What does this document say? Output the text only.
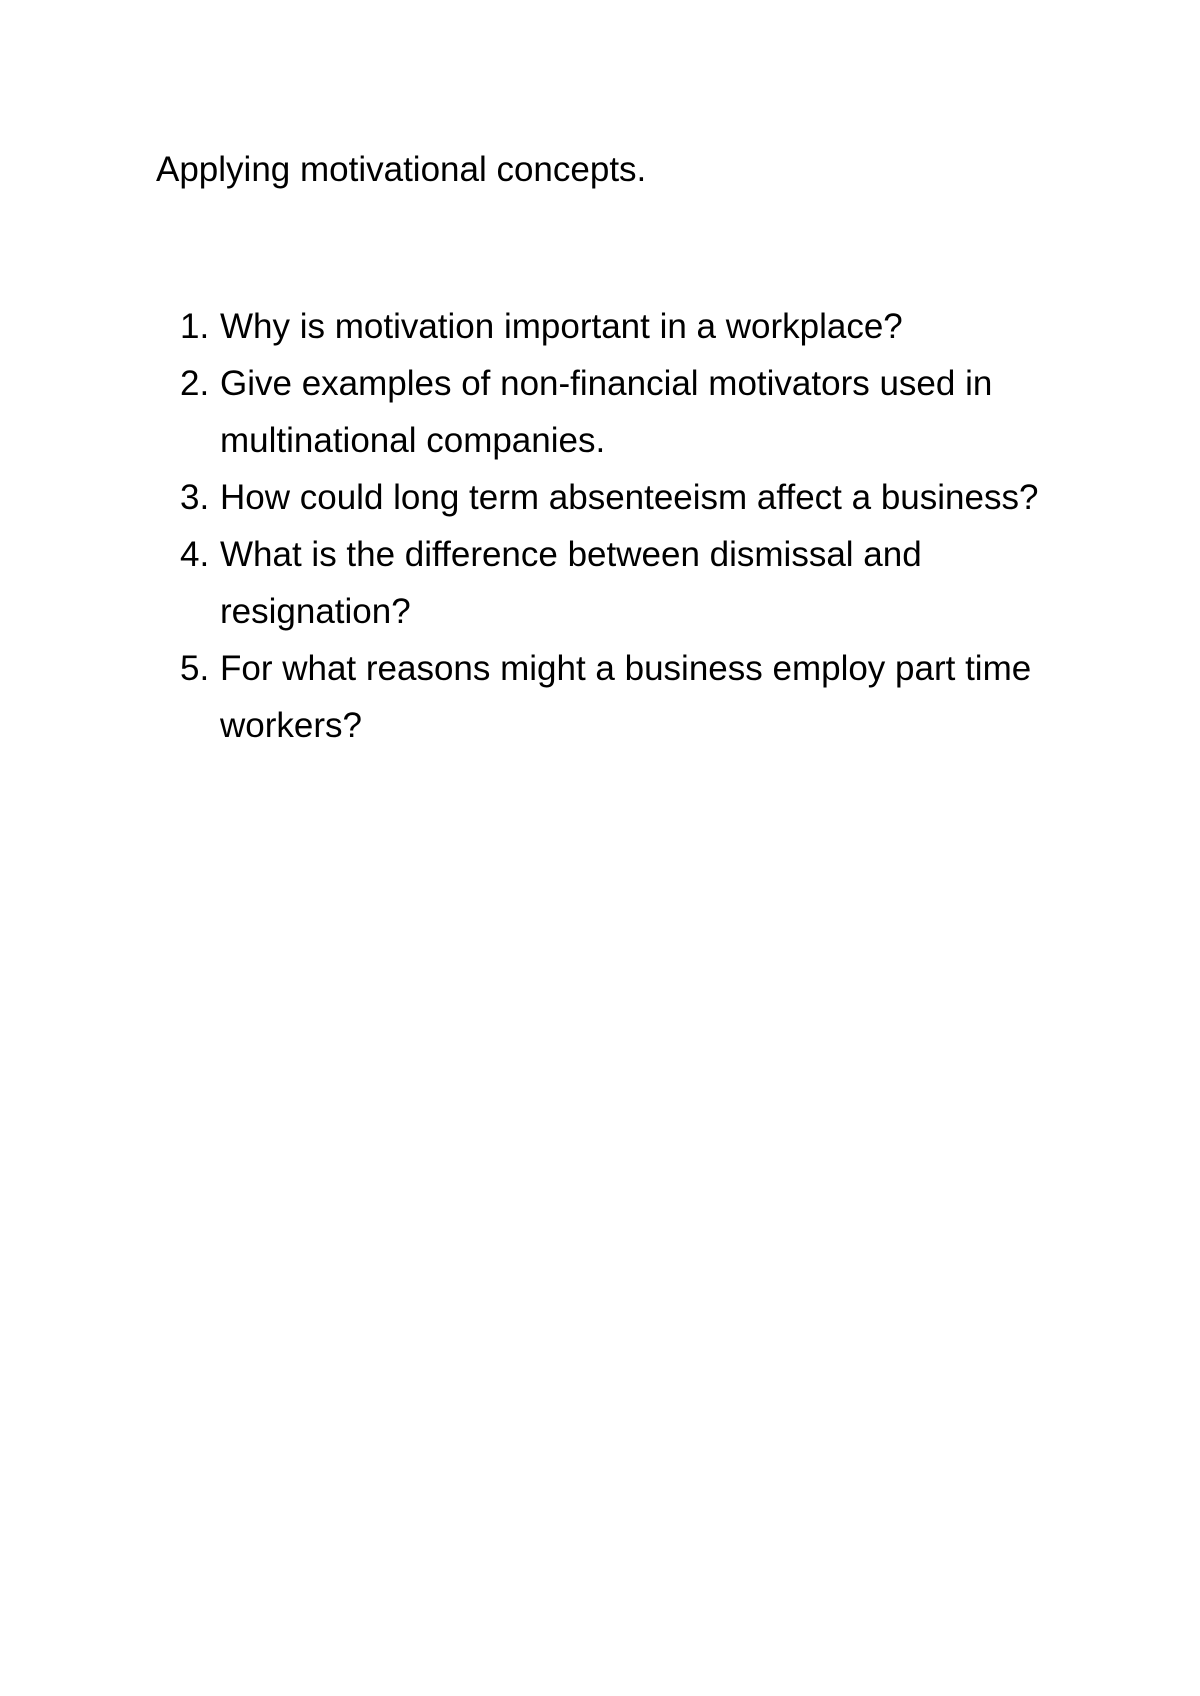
Applying motivational concepts.
1. Why is motivation important in a workplace?
2. Give examples of non-financial motivators used in multinational companies.
3. How could long term absenteeism affect a business?
4. What is the difference between dismissal and resignation?
5. For what reasons might a business employ part time workers?
